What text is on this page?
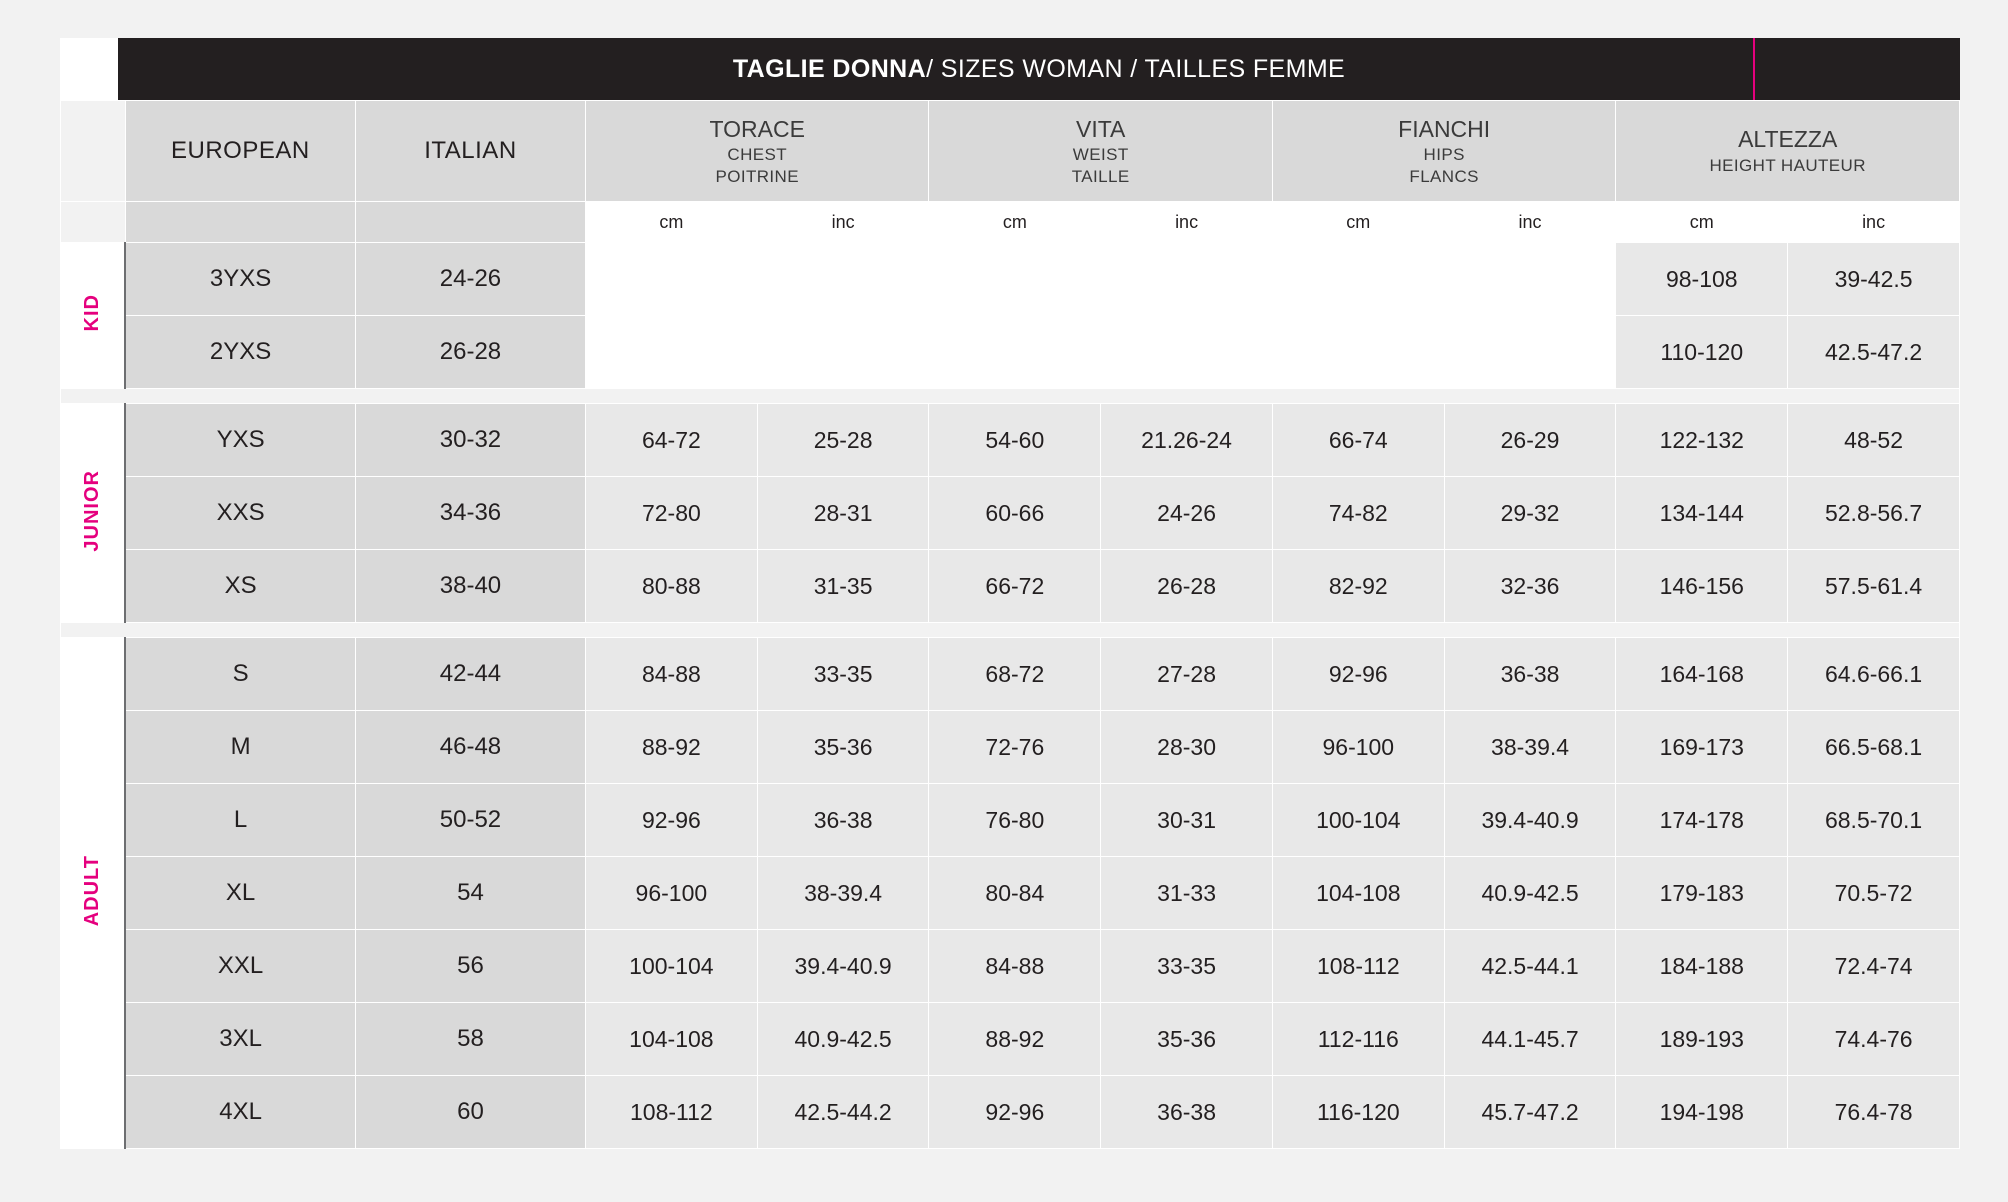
TAGLIE DONNA / SIZES WOMAN / TAILLES FEMME
	EUROPEAN	ITALIAN	
TORACE
CHEST
POITRINE

VITA
WEIST
TAILLE

FIANCHI
HIPS
FLANCS

ALTEZZA
HEIGHT HAUTEUR

			cm	inc	cm	inc	cm	inc	cm	inc
KID	3YXS	24-26							98-108	39-42.5
	2YXS	26-28							110-120	42.5-47.2

JUNIOR	YXS	30-32	64-72	25-28	54-60	21.26-24	66-74	26-29	122-132	48-52
	XXS	34-36	72-80	28-31	60-66	24-26	74-82	29-32	134-144	52.8-56.7
	XS	38-40	80-88	31-35	66-72	26-28	82-92	32-36	146-156	57.5-61.4

ADULT	S	42-44	84-88	33-35	68-72	27-28	92-96	36-38	164-168	64.6-66.1
	M	46-48	88-92	35-36	72-76	28-30	96-100	38-39.4	169-173	66.5-68.1
	L	50-52	92-96	36-38	76-80	30-31	100-104	39.4-40.9	174-178	68.5-70.1
	XL	54	96-100	38-39.4	80-84	31-33	104-108	40.9-42.5	179-183	70.5-72
	XXL	56	100-104	39.4-40.9	84-88	33-35	108-112	42.5-44.1	184-188	72.4-74
	3XL	58	104-108	40.9-42.5	88-92	35-36	112-116	44.1-45.7	189-193	74.4-76
	4XL	60	108-112	42.5-44.2	92-96	36-38	116-120	45.7-47.2	194-198	76.4-78
